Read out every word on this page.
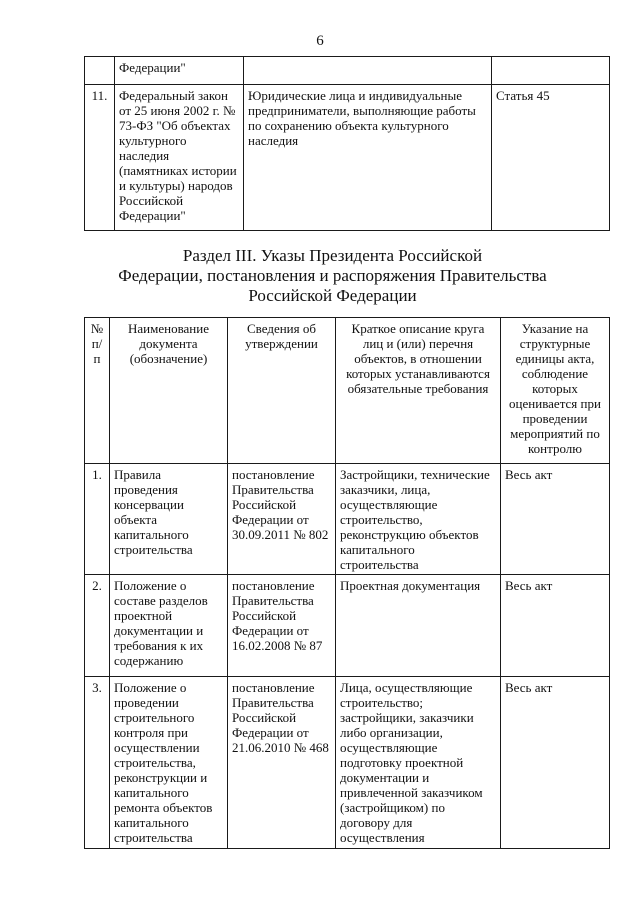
6

	Федерации"		

11.	Федеральный закон от 25 июня 2002 г. № 73-ФЗ "Об объектах культурного наследия (памятниках истории и культуры) народов Российской Федерации"	Юридические лица и индивидуальные предприниматели, выполняющие работы по сохранению объекта культурного наследия	Статья 45
Раздел III. Указы Президента Российской
Федерации, постановления и распоряжения Правительства
Российской Федерации
№ п/п	Наименование документа (обозначение)	Сведения об утверждении	Краткое описание круга лиц и (или) перечня объектов, в отношении которых устанавливаются обязательные требования	Указание на структурные единицы акта, соблюдение которых оценивается при проведении мероприятий по контролю

1.	Правила проведения консервации объекта капитального строительства	постановление Правительства Российской Федерации от 30.09.2011 № 802	Застройщики, технические заказчики, лица, осуществляющие строительство, реконструкцию объектов капитального строительства	Весь акт

2.	Положение о составе разделов проектной документации и требования к их содержанию	постановление Правительства Российской Федерации от 16.02.2008 № 87	Проектная документация	Весь акт

3.	Положение о проведении строительного контроля при осуществлении строительства, реконструкции и капитального ремонта объектов капитального строительства	постановление Правительства Российской Федерации от 21.06.2010 № 468	Лица, осуществляющие строительство; застройщики, заказчики либо организации, осуществляющие подготовку проектной документации и привлеченной заказчиком (застройщиком) по договору для осуществления	Весь акт
